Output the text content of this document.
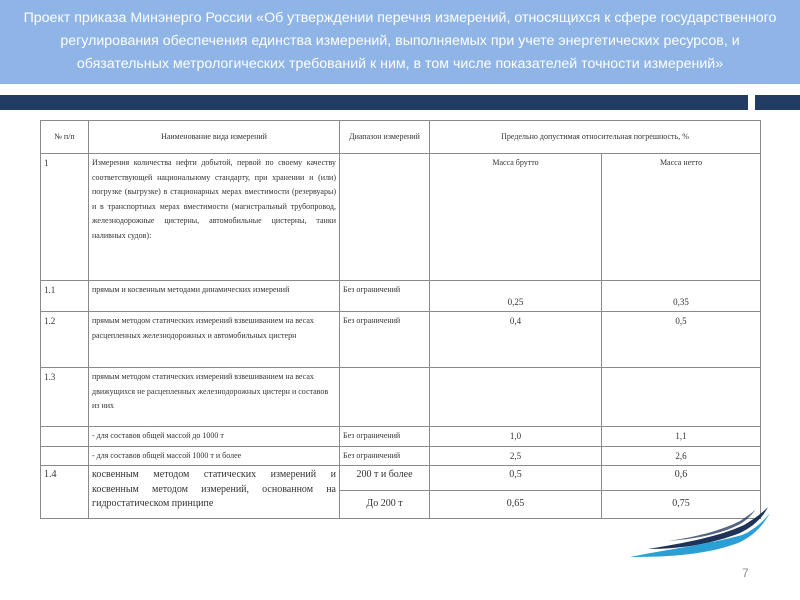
Проект приказа Минэнерго России «Об утверждении перечня измерений, относящихся к сфере государственного регулирования обеспечения единства измерений, выполняемых при учете энергетических ресурсов, и обязательных метрологических требований к ним, в том числе показателей точности измерений»
№ п/п	Наименование вида измерений	Диапазон измерений	Предельно допустимая относительная погрешность, %	

1	Измерения количества нефти добытой, первой по своему качеству соответствующей национальному стандарту, при хранении и (или) погрузке (выгрузке) в стационарных мерах вместимости (резервуары) и в транспортных мерах вместимости (магистральный трубопровод, железнодорожные цистерны, автомобильные цистерны, танки наливных судов):		Масса брутто	Масса нетто
1.1	прямым и косвенным методами динамических измерений	Без ограничений	0,25	0,35
1.2	прямым методом статических измерений взвешиванием на весах расцепленных железнодорожных и автомобильных цистерн	Без ограничений	0,4	0,5
1.3	прямым методом статических измерений взвешиванием на весах движущихся не расцепленных железнодорожных цистерн и составов из них			
	- для составов общей массой до 1000 т	Без ограничений	1,0	1,1
	- для составов общей массой 1000 т и более	Без ограничений	2,5	2,6
1.4	косвенным методом статических измерений и косвенным методом измерений, основанном на гидростатическом принципе	200 т и более	0,5	0,6
		До 200 т	0,65	0,75
7
